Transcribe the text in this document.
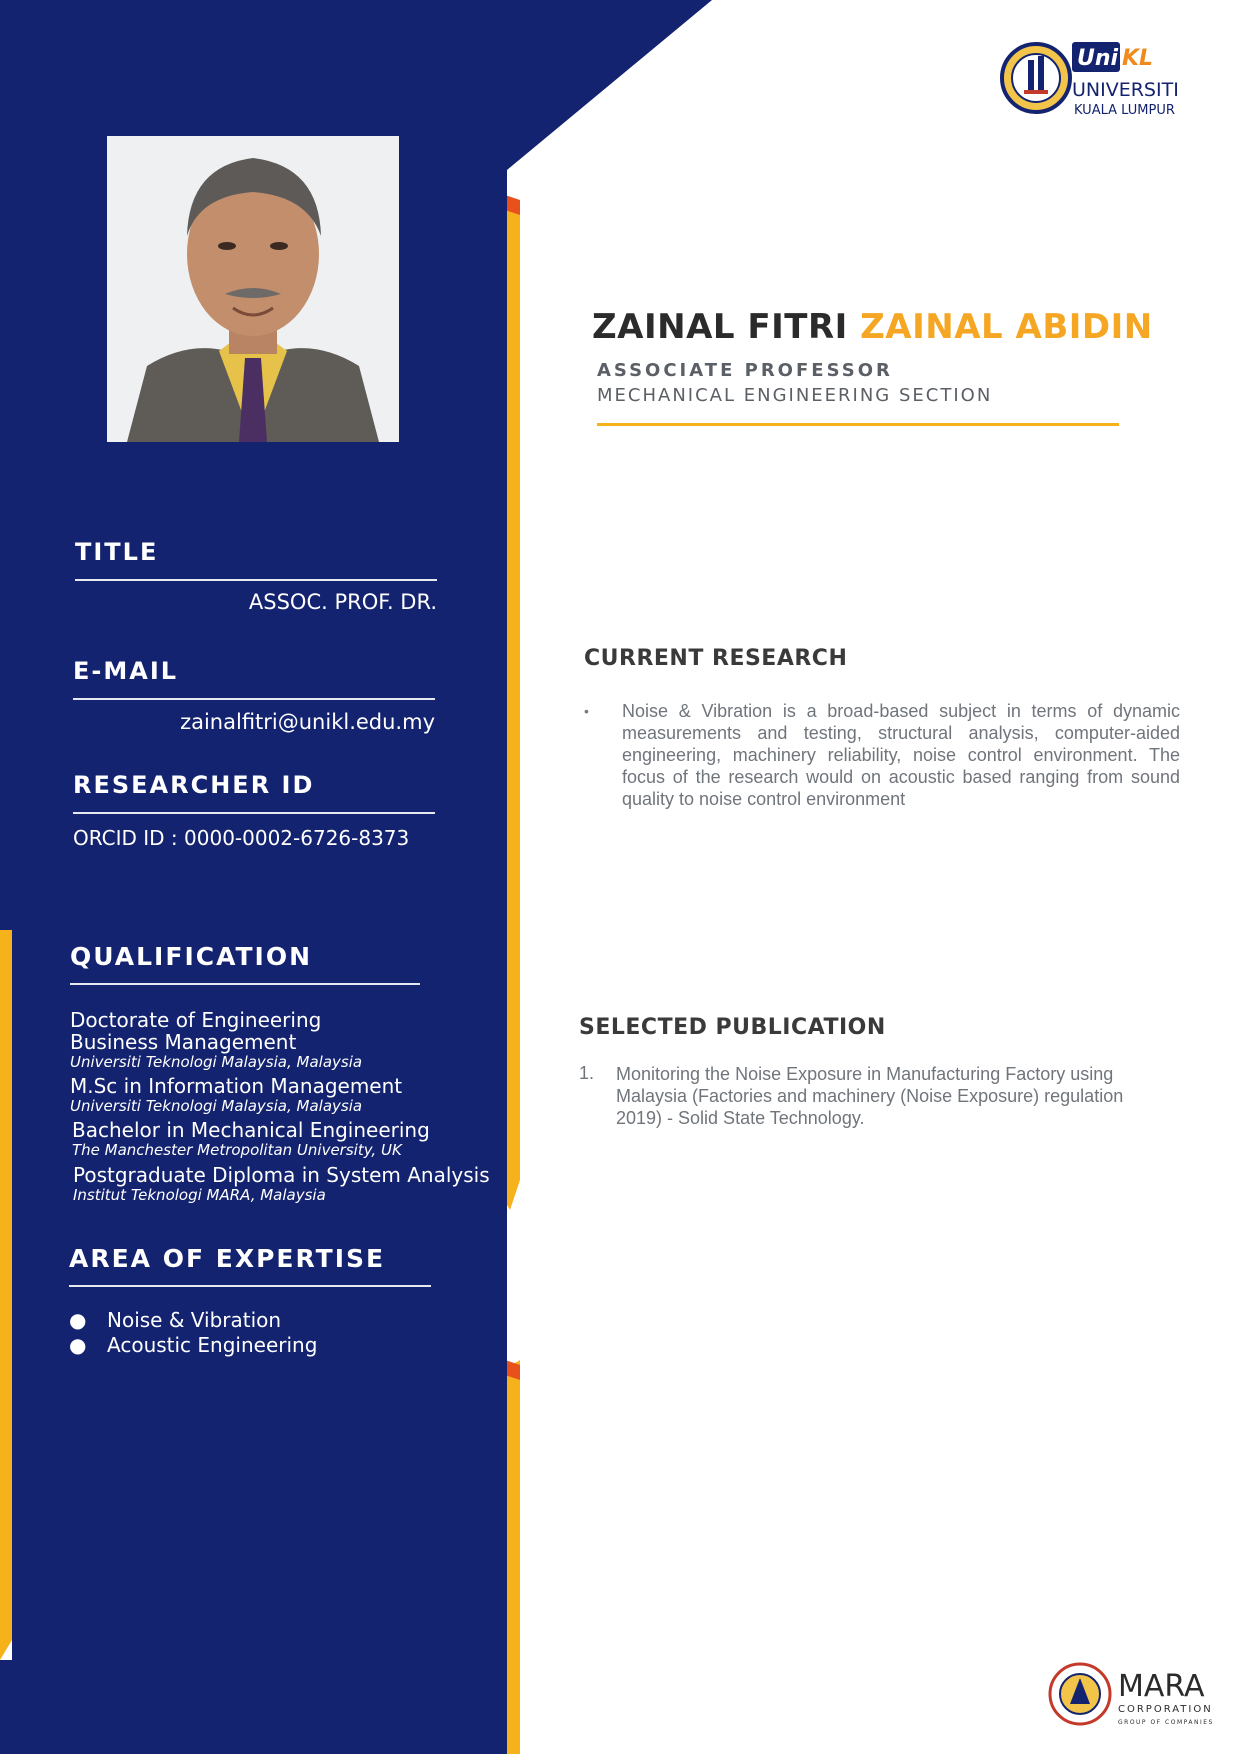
Uni KL
UNIVERSITI
KUALA LUMPUR
ZAINAL FITRI ZAINAL ABIDIN
ASSOCIATE PROFESSOR
MECHANICAL ENGINEERING SECTION
TITLE
ASSOC. PROF. DR.
E-MAIL
zainalfitri@unikl.edu.my
RESEARCHER ID
ORCID ID : 0000-0002-6726-8373
QUALIFICATION
Doctorate of Engineering
Business Management
Universiti Teknologi Malaysia, Malaysia
M.Sc in Information Management
Universiti Teknologi Malaysia, Malaysia
Bachelor in Mechanical Engineering
The Manchester Metropolitan University, UK
Postgraduate Diploma in System Analysis
Institut Teknologi MARA, Malaysia
AREA OF EXPERTISE
● Noise & Vibration
● Acoustic Engineering
CURRENT RESEARCH
• Noise & Vibration is a broad-based subject in terms of dynamic measurements and testing, structural analysis, computer-aided engineering, machinery reliability, noise control environment. The focus of the research would on acoustic based ranging from sound quality to noise control environment
SELECTED PUBLICATION
1. Monitoring the Noise Exposure in Manufacturing Factory using Malaysia (Factories and machinery (Noise Exposure) regulation 2019) - Solid State Technology.
MARA
CORPORATION
GROUP OF COMPANIES
